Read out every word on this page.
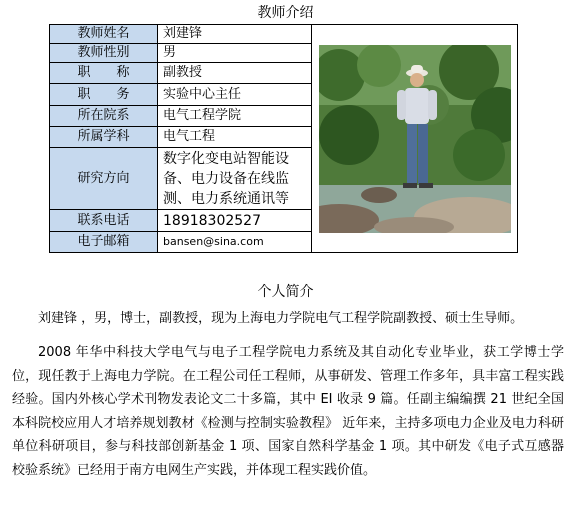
教师介绍
教师姓名	刘建锋	

教师性别	男	
职　　称	副教授	
职　　务	实验中心主任	
所在院系	电气工程学院	
所属学科	电气工程	
研究方向	数字化变电站智能设备、电力设备在线监测、电力系统通讯等	
联系电话	18918302527	
电子邮箱	bansen@sina.com	
个人简介
刘建锋 ，男，博士，副教授，现为上海电力学院电气工程学院副教授、硕士生导师。
2008 年华中科技大学电气与电子工程学院电力系统及其自动化专业毕业，获工学博士学位，现任教于上海电力学院。在工程公司任工程师，从事研发、管理工作多年，具丰富工程实践经验。国内外核心学术刊物发表论文二十多篇，其中 EI 收录 9 篇。任副主编编撰 21 世纪全国本科院校应用人才培养规划教材《检测与控制实验教程》 近年来，主持多项电力企业及电力科研单位科研项目，参与科技部创新基金 1 项、国家自然科学基金 1 项。其中研发《电子式互感器校验系统》已经用于南方电网生产实践，并体现工程实践价值。
